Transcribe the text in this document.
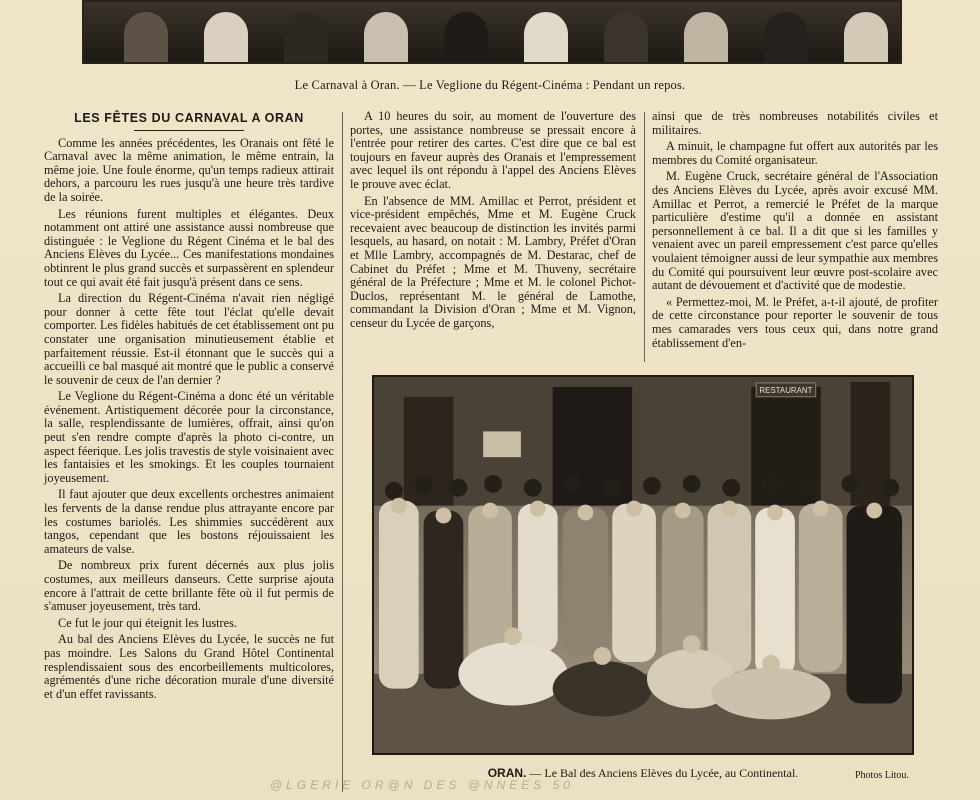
Le Carnaval à Oran. — Le Veglione du Régent-Cinéma : Pendant un repos.
LES FÊTES DU CARNAVAL A ORAN

Comme les années précédentes, les Oranais ont fêté le Carnaval avec la même animation, le même entrain, la même joie. Une foule énorme, qu'un temps radieux attirait dehors, a parcouru les rues jusqu'à une heure très tardive de la soirée.

Les réunions furent multiples et élégantes. Deux notamment ont attiré une assistance aussi nombreuse que distinguée : le Veglione du Régent Cinéma et le bal des Anciens Elèves du Lycée... Ces manifestations mondaines obtinrent le plus grand succès et surpassèrent en splendeur tout ce qui avait été fait jusqu'à présent dans ce sens.

La direction du Régent-Cinéma n'avait rien négligé pour donner à cette fête tout l'éclat qu'elle devait comporter. Les fidèles habitués de cet établissement ont pu constater une organisation minutieusement établie et parfaitement réussie. Est-il étonnant que le succès qui a accueilli ce bal masqué ait montré que le public a conservé le souvenir de ceux de l'an dernier ?

Le Veglione du Régent-Cinéma a donc été un véritable événement. Artistiquement décorée pour la circonstance, la salle, resplendissante de lumières, offrait, ainsi qu'on peut s'en rendre compte d'après la photo ci-contre, un aspect féerique. Les jolis travestis de style voisinaient avec les fantaisies et les smokings. Et les couples tournaient joyeusement.

Il faut ajouter que deux excellents orchestres animaient les fervents de la danse rendue plus attrayante encore par les costumes bariolés. Les shimmies succédèrent aux tangos, cependant que les bostons réjouissaient les amateurs de valse.

De nombreux prix furent décernés aux plus jolis costumes, aux meilleurs danseurs. Cette surprise ajouta encore à l'attrait de cette brillante fête où il fut permis de s'amuser joyeusement, très tard.

Ce fut le jour qui éteignit les lustres.

Au bal des Anciens Elèves du Lycée, le succès ne fut pas moindre. Les Salons du Grand Hôtel Continental resplendissaient sous des encorbeillements multicolores, agrémentés d'une riche décoration murale d'une diversité et d'un effet ravissants.

A 10 heures du soir, au moment de l'ouverture des portes, une assistance nombreuse se pressait encore à l'entrée pour retirer des cartes. C'est dire que ce bal est toujours en faveur auprès des Oranais et l'empressement avec lequel ils ont répondu à l'appel des Anciens Elèves le prouve avec éclat.

En l'absence de MM. Amillac et Perrot, président et vice-président empêchés, Mme et M. Eugène Cruck recevaient avec beaucoup de distinction les invités parmi lesquels, au hasard, on notait : M. Lambry, Préfet d'Oran et Mlle Lambry, accompagnés de M. Destarac, chef de Cabinet du Préfet ; Mme et M. Thuveny, secrétaire général de la Préfecture ; Mme et M. le colonel Pichot-Duclos, représentant M. le général de Lamothe, commandant la Division d'Oran ; Mme et M. Vignon, censeur du Lycée de garçons,

ainsi que de très nombreuses notabilités civiles et militaires.

A minuit, le champagne fut offert aux autorités par les membres du Comité organisateur.

M. Eugène Cruck, secrétaire général de l'Association des Anciens Elèves du Lycée, après avoir excusé MM. Amillac et Perrot, a remercié le Préfet de la marque particulière d'estime qu'il a donnée en assistant personnellement à ce bal. Il a dit que si les familles y venaient avec un pareil empressement c'est parce qu'elles voulaient témoigner aussi de leur sympathie aux membres du Comité qui poursuivent leur œuvre post-scolaire avec autant de dévouement et d'activité que de modestie.

« Permettez-moi, M. le Préfet, a-t-il ajouté, de profiter de cette circonstance pour reporter le souvenir de tous mes camarades vers tous ceux qui, dans notre grand établissement d'en-

RESTAURANT
ORAN. — Le Bal des Anciens Elèves du Lycée, au Continental.	Photos Litou.
@LGERIE OR@N DES @NNEES 50
